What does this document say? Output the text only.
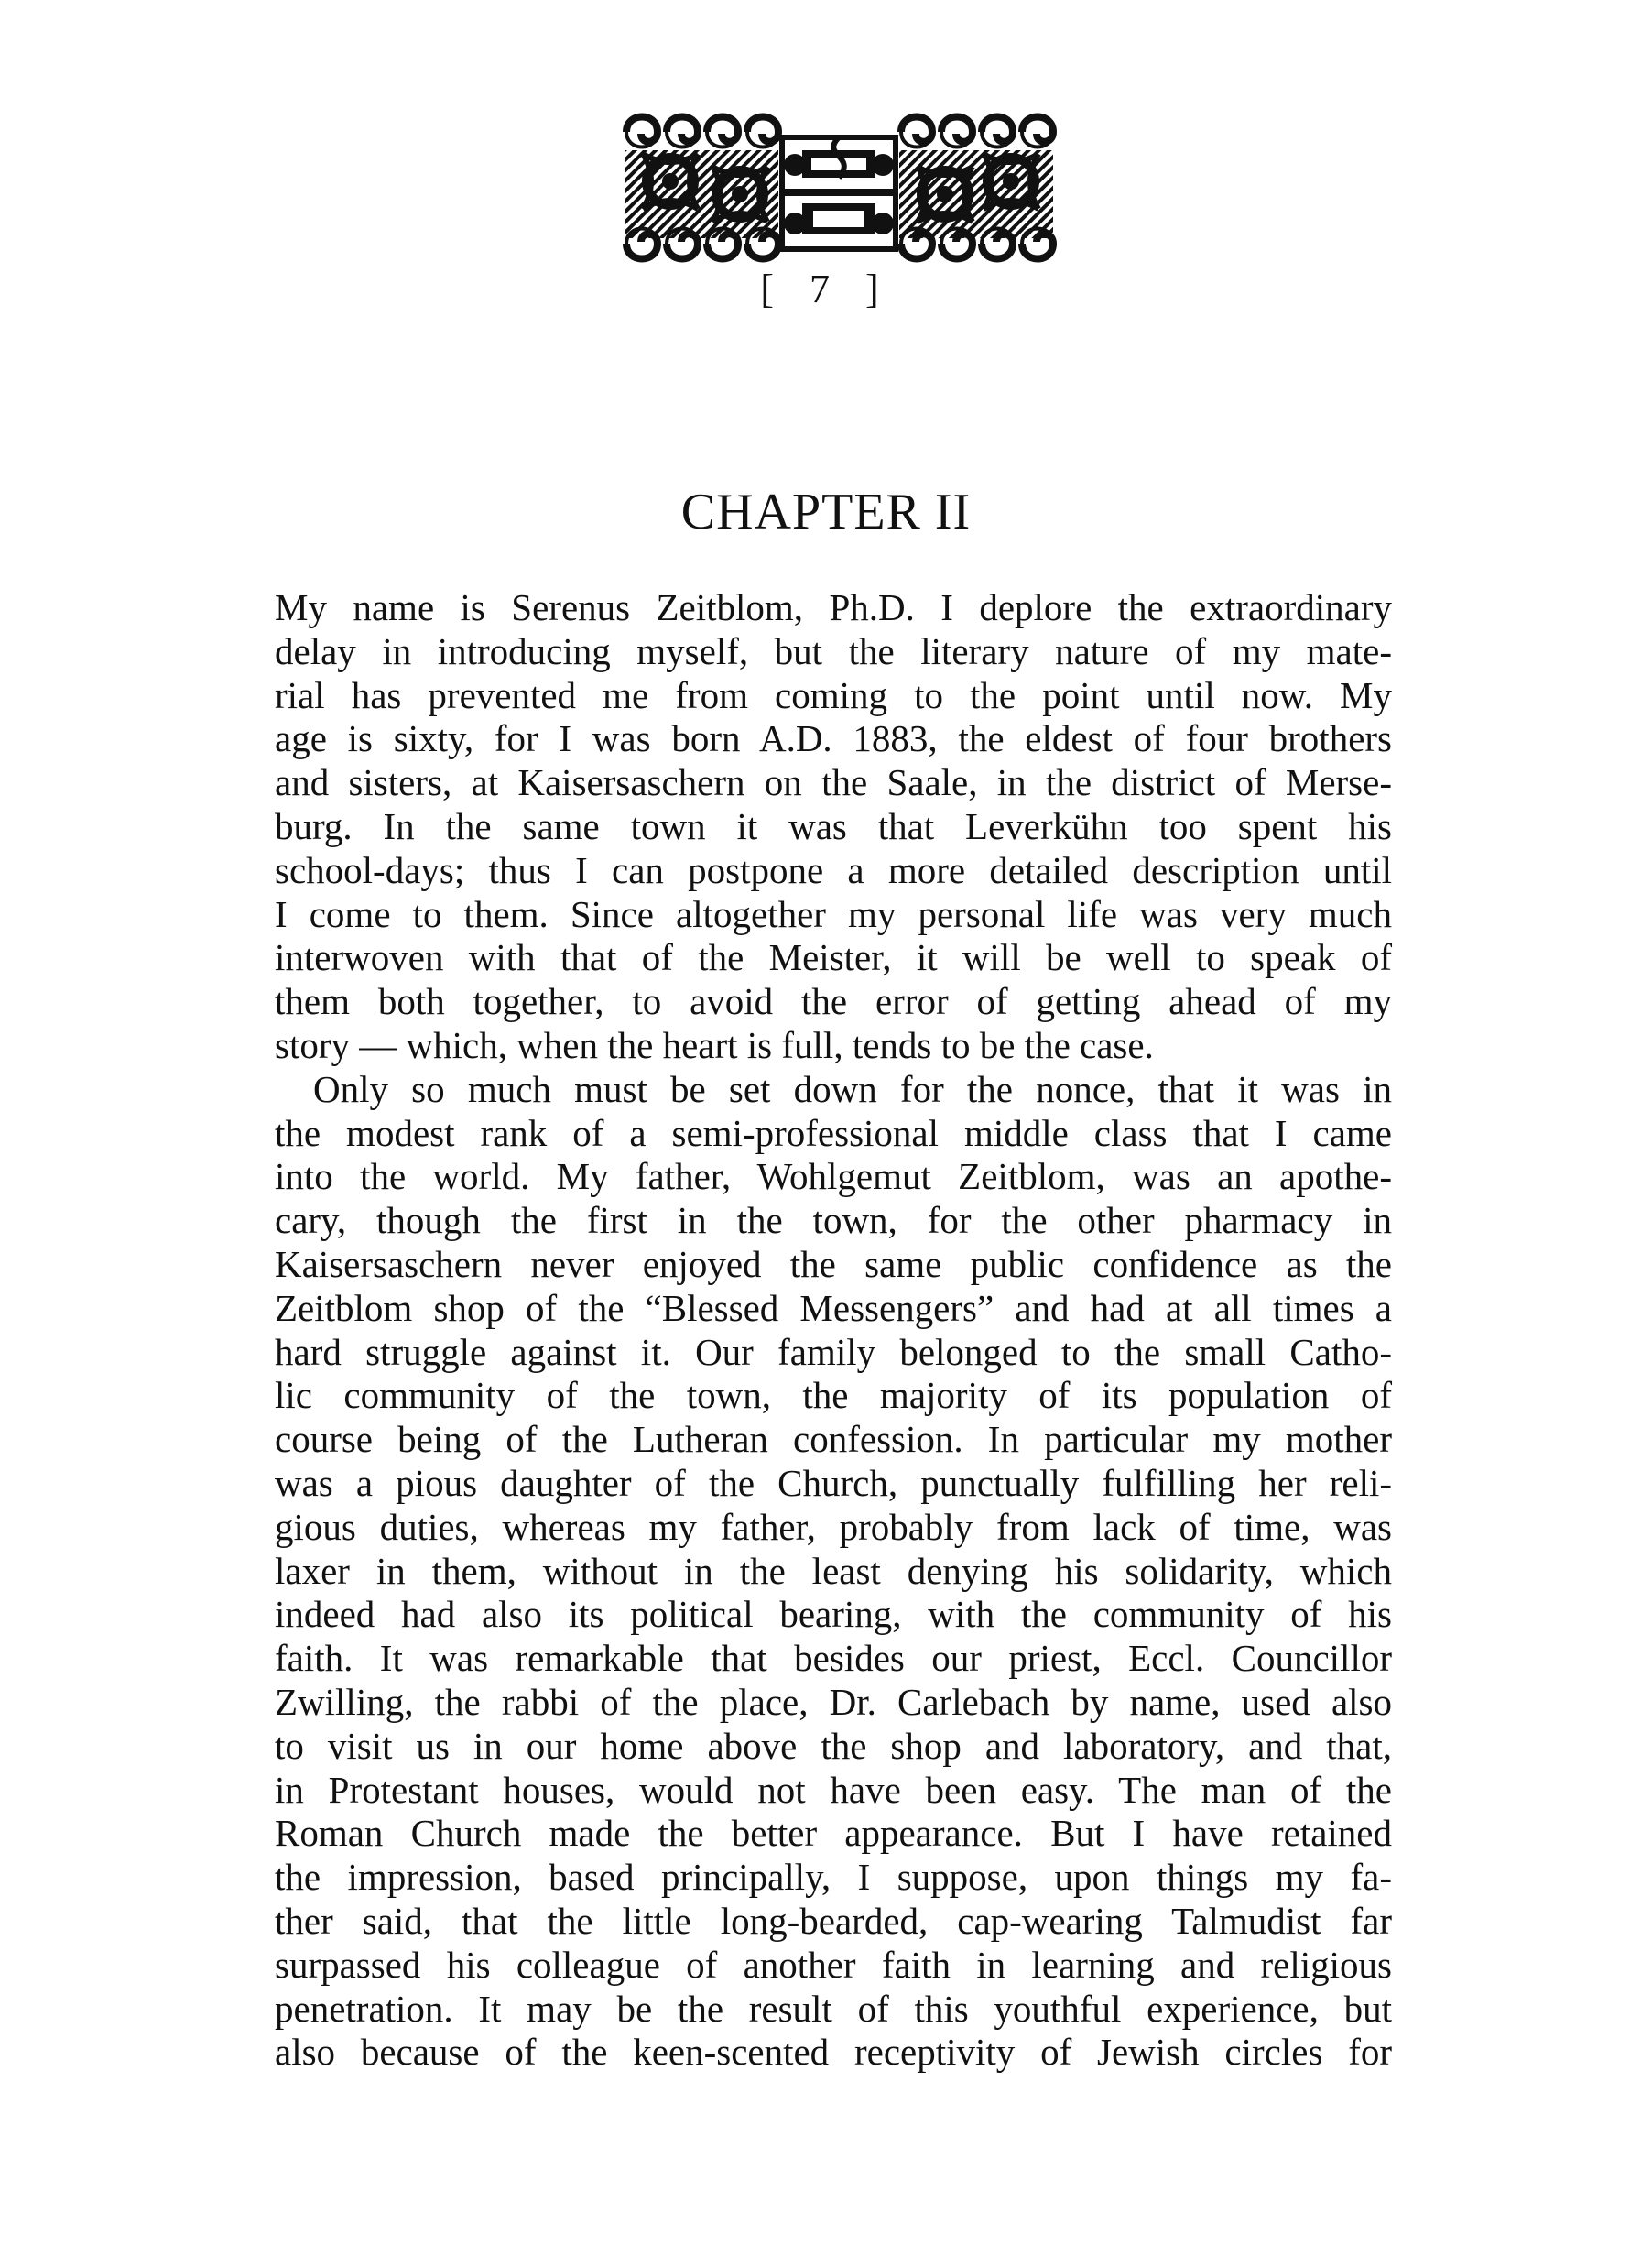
[ 7 ]
CHAPTER II
My name is Serenus Zeitblom, Ph.D. I deplore the extraordinary
delay in introducing myself, but the literary nature of my mate-
rial has prevented me from coming to the point until now. My
age is sixty, for I was born A.D. 1883, the eldest of four brothers
and sisters, at Kaisersaschern on the Saale, in the district of Merse-
burg. In the same town it was that Leverkühn too spent his
school-days; thus I can postpone a more detailed description until
I come to them. Since altogether my personal life was very much
interwoven with that of the Meister, it will be well to speak of
them both together, to avoid the error of getting ahead of my
story — which, when the heart is full, tends to be the case.
Only so much must be set down for the nonce, that it was in
the modest rank of a semi-professional middle class that I came
into the world. My father, Wohlgemut Zeitblom, was an apothe-
cary, though the first in the town, for the other pharmacy in
Kaisersaschern never enjoyed the same public confidence as the
Zeitblom shop of the “Blessed Messengers” and had at all times a
hard struggle against it. Our family belonged to the small Catho-
lic community of the town, the majority of its population of
course being of the Lutheran confession. In particular my mother
was a pious daughter of the Church, punctually fulfilling her reli-
gious duties, whereas my father, probably from lack of time, was
laxer in them, without in the least denying his solidarity, which
indeed had also its political bearing, with the community of his
faith. It was remarkable that besides our priest, Eccl. Councillor
Zwilling, the rabbi of the place, Dr. Carlebach by name, used also
to visit us in our home above the shop and laboratory, and that,
in Protestant houses, would not have been easy. The man of the
Roman Church made the better appearance. But I have retained
the impression, based principally, I suppose, upon things my fa-
ther said, that the little long-bearded, cap-wearing Talmudist far
surpassed his colleague of another faith in learning and religious
penetration. It may be the result of this youthful experience, but
also because of the keen-scented receptivity of Jewish circles for
